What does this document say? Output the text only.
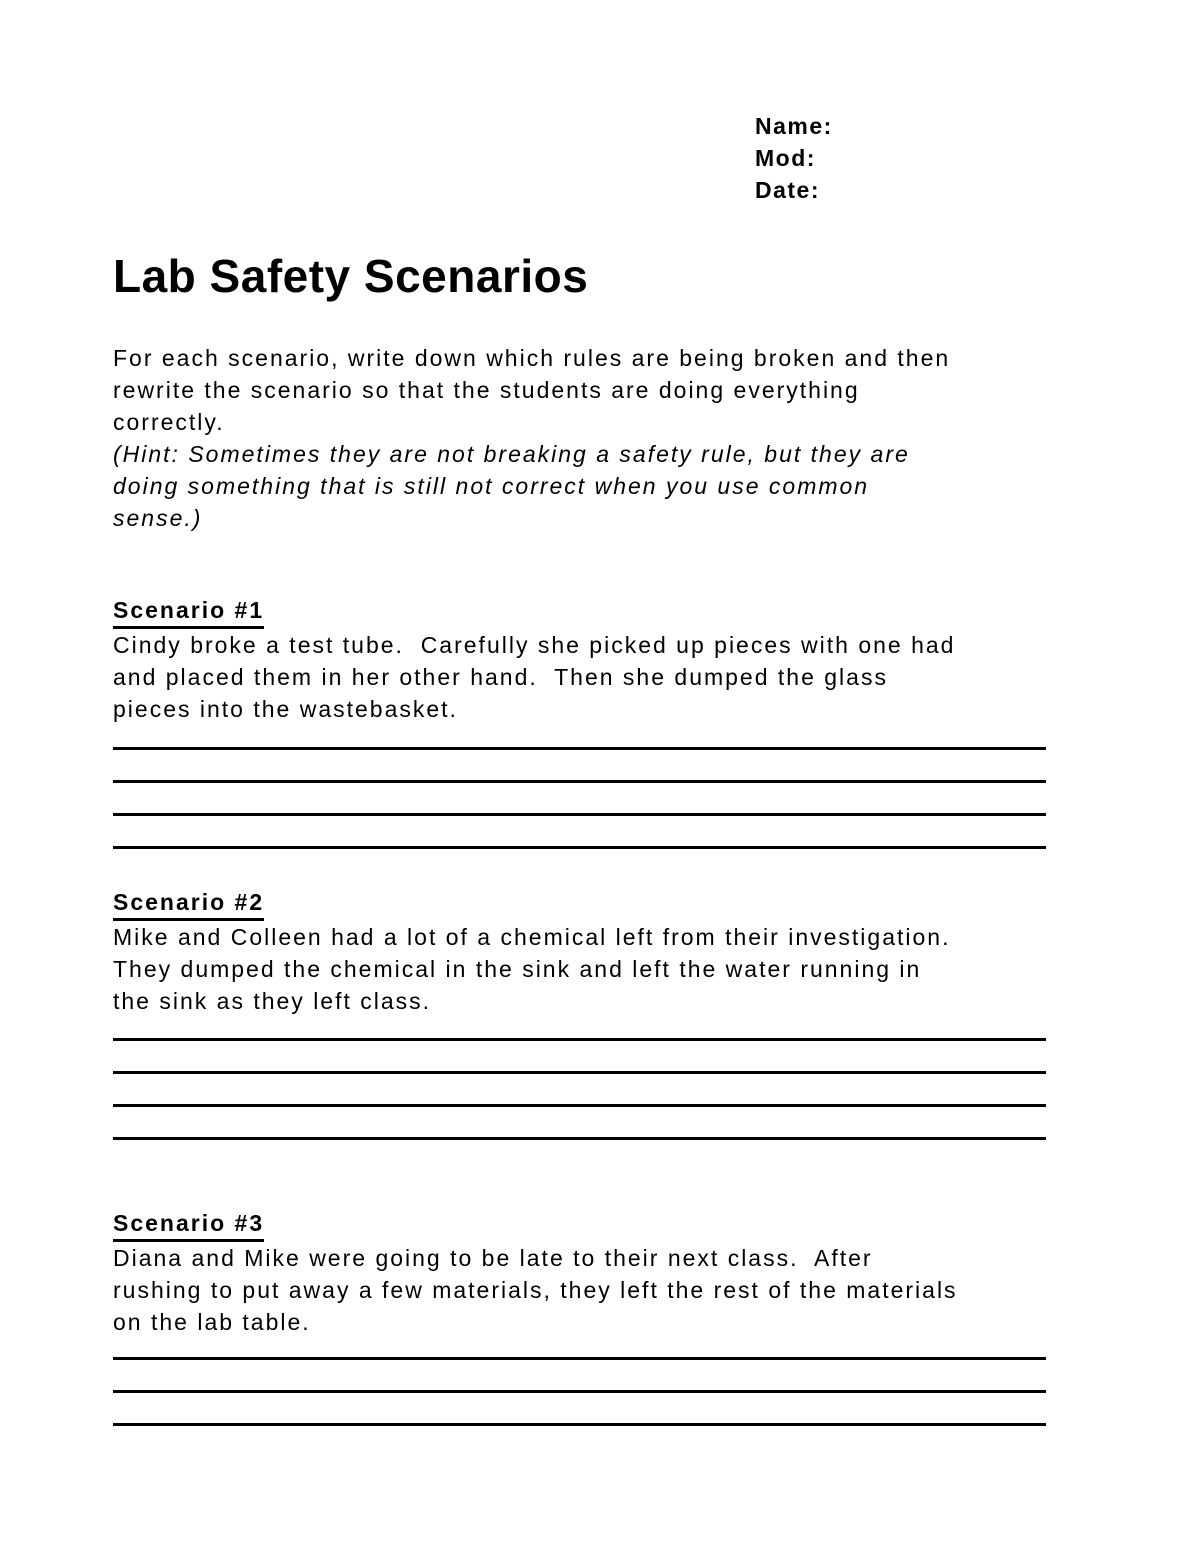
Name:
Mod:
Date:
Lab Safety Scenarios
For each scenario, write down which rules are being broken and then
rewrite the scenario so that the students are doing everything
correctly.
(Hint: Sometimes they are not breaking a safety rule, but they are
doing something that is still not correct when you use common
sense.)
Scenario #1
Cindy broke a test tube.  Carefully she picked up pieces with one had
and placed them in her other hand.  Then she dumped the glass
pieces into the wastebasket.
Scenario #2
Mike and Colleen had a lot of a chemical left from their investigation.
They dumped the chemical in the sink and left the water running in
the sink as they left class.
Scenario #3
Diana and Mike were going to be late to their next class.  After
rushing to put away a few materials, they left the rest of the materials
on the lab table.
